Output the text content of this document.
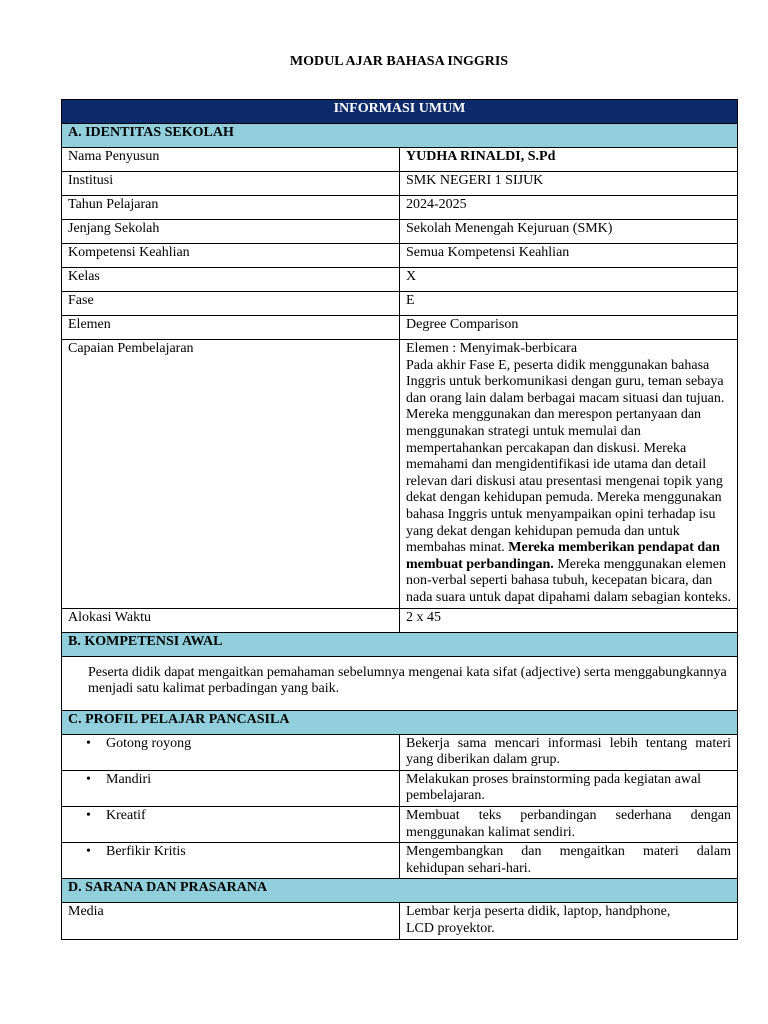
MODUL AJAR BAHASA INGGRIS
INFORMASI UMUM	
A. IDENTITAS SEKOLAH	
Nama Penyusun	YUDHA RINALDI, S.Pd
Institusi	SMK NEGERI 1 SIJUK
Tahun Pelajaran	2024-2025
Jenjang Sekolah	Sekolah Menengah Kejuruan (SMK)
Kompetensi Keahlian	Semua Kompetensi Keahlian
Kelas	X
Fase	E
Elemen	Degree Comparison
Capaian Pembelajaran	Elemen : Menyimak-berbicara
Pada akhir Fase E, peserta didik menggunakan bahasa Inggris untuk berkomunikasi dengan guru, teman sebaya dan orang lain dalam berbagai macam situasi dan tujuan. Mereka menggunakan dan merespon pertanyaan dan menggunakan strategi untuk memulai dan mempertahankan percakapan dan diskusi. Mereka memahami dan mengidentifikasi ide utama dan detail relevan dari diskusi atau presentasi mengenai topik yang dekat dengan kehidupan pemuda. Mereka menggunakan bahasa Inggris untuk menyampaikan opini terhadap isu yang dekat dengan kehidupan pemuda dan untuk membahas minat. Mereka memberikan pendapat dan membuat perbandingan. Mereka menggunakan elemen non-verbal seperti bahasa tubuh, kecepatan bicara, dan nada suara untuk dapat dipahami dalam sebagian konteks.

Alokasi Waktu	2 x 45
B. KOMPETENSI AWAL	
Peserta didik dapat mengaitkan pemahaman sebelumnya mengenai kata sifat (adjective) serta menggabungkannya menjadi satu kalimat perbadingan yang baik.	
C. PROFIL PELAJAR PANCASILA	
• Gotong royong	Bekerja sama mencari informasi lebih tentang materi yang diberikan dalam grup.
• Mandiri	Melakukan proses brainstorming pada kegiatan awal pembelajaran.
• Kreatif	Membuat teks perbandingan sederhana dengan menggunakan kalimat sendiri.
• Berfikir Kritis	Mengembangkan dan mengaitkan materi dalam kehidupan sehari-hari.
D. SARANA DAN PRASARANA	
Media	Lembar kerja peserta didik, laptop, handphone,
LCD proyektor.
